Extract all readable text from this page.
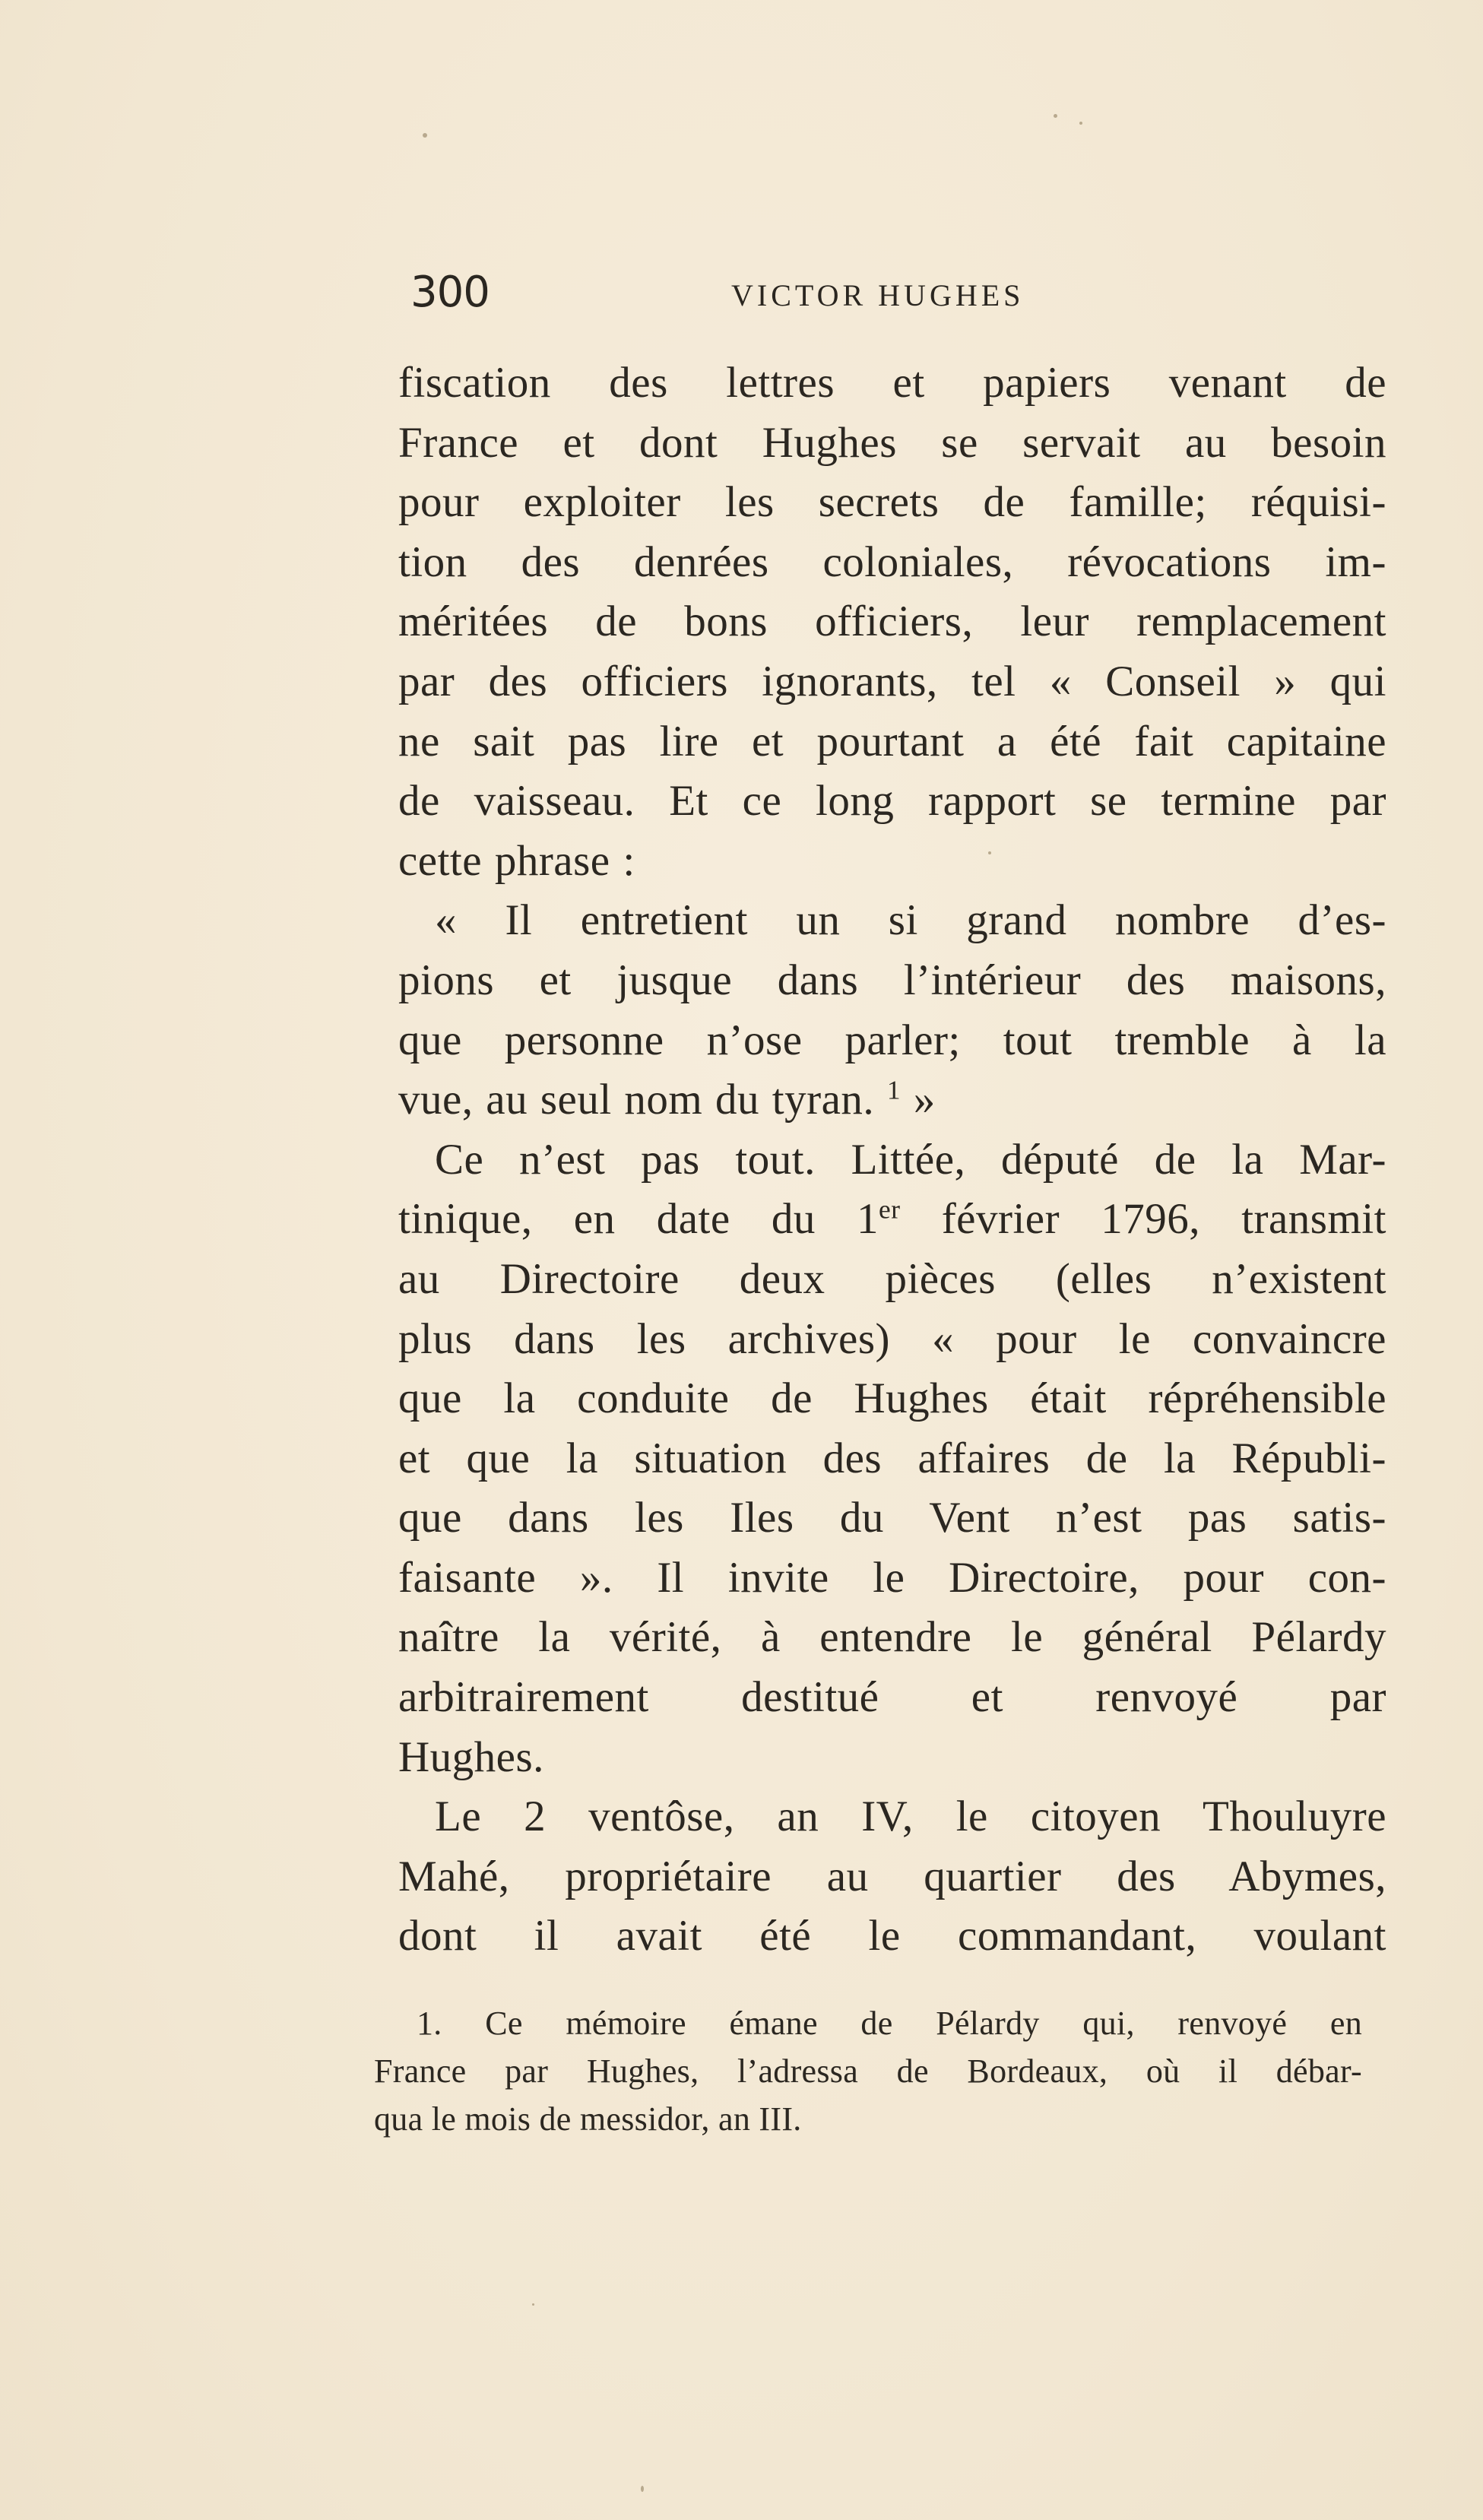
300	VICTOR HUGHES
fiscation des lettres et papiers venant de
France et dont Hughes se servait au besoin
pour exploiter les secrets de famille; réquisi-
tion des denrées coloniales, révocations im-
méritées de bons officiers, leur remplacement
par des officiers ignorants, tel « Conseil » qui
ne sait pas lire et pourtant a été fait capitaine
de vaisseau. Et ce long rapport se termine par
cette phrase :
« Il entretient un si grand nombre d’es-
pions et jusque dans l’intérieur des maisons,
que personne n’ose parler; tout tremble à la
vue, au seul nom du tyran. $^1$ »
Ce n’est pas tout. Littée, député de la Mar-
tinique, en date du 1er février 1796, transmit
au Directoire deux pièces (elles n’existent
plus dans les archives) « pour le convaincre
que la conduite de Hughes était répréhensible
et que la situation des affaires de la Républi-
que dans les Iles du Vent n’est pas satis-
faisante ». Il invite le Directoire, pour con-
naître la vérité, à entendre le général Pélardy
arbitrairement destitué et renvoyé par
Hughes.
Le 2 ventôse, an IV, le citoyen Thouluyre
Mahé, propriétaire au quartier des Abymes,
dont il avait été le commandant, voulant
1. Ce mémoire émane de Pélardy qui, renvoyé en
France par Hughes, l’adressa de Bordeaux, où il débar-
qua le mois de messidor, an III.
